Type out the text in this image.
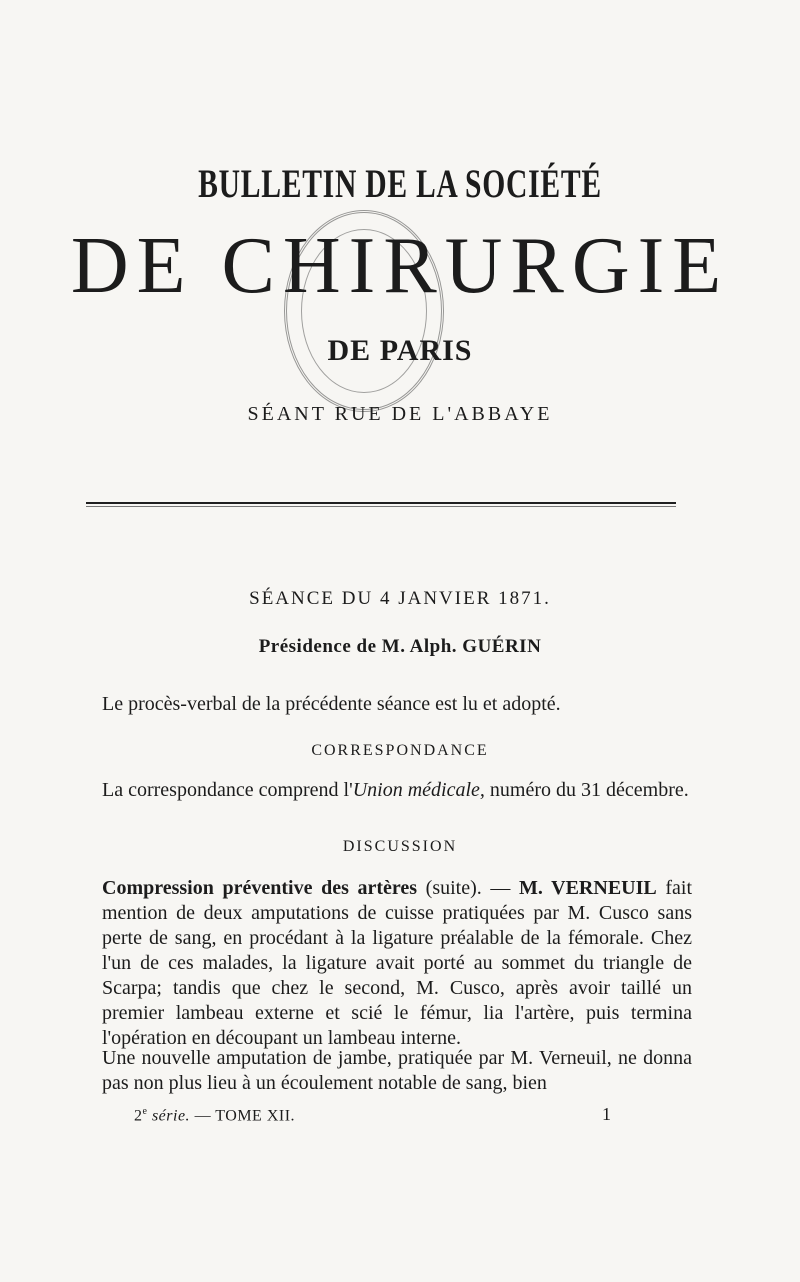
BULLETIN DE LA SOCIÉTÉ
DE CHIRURGIE
DE PARIS
SÉANT RUE DE L'ABBAYE
SÉANCE DU 4 JANVIER 1871.
Présidence de M. Alph. GUÉRIN
Le procès-verbal de la précédente séance est lu et adopté.
CORRESPONDANCE
La correspondance comprend l'Union médicale, numéro du 31 décembre.
DISCUSSION
Compression préventive des artères (suite). — M. VERNEUIL fait mention de deux amputations de cuisse pratiquées par M. Cusco sans perte de sang, en procédant à la ligature préalable de la fémorale. Chez l'un de ces malades, la ligature avait porté au sommet du triangle de Scarpa; tandis que chez le second, M. Cusco, après avoir taillé un premier lambeau externe et scié le fémur, lia l'artère, puis termina l'opération en découpant un lambeau interne.
Une nouvelle amputation de jambe, pratiquée par M. Verneuil, ne donna pas non plus lieu à un écoulement notable de sang, bien
2e série. — TOME XII.	1
